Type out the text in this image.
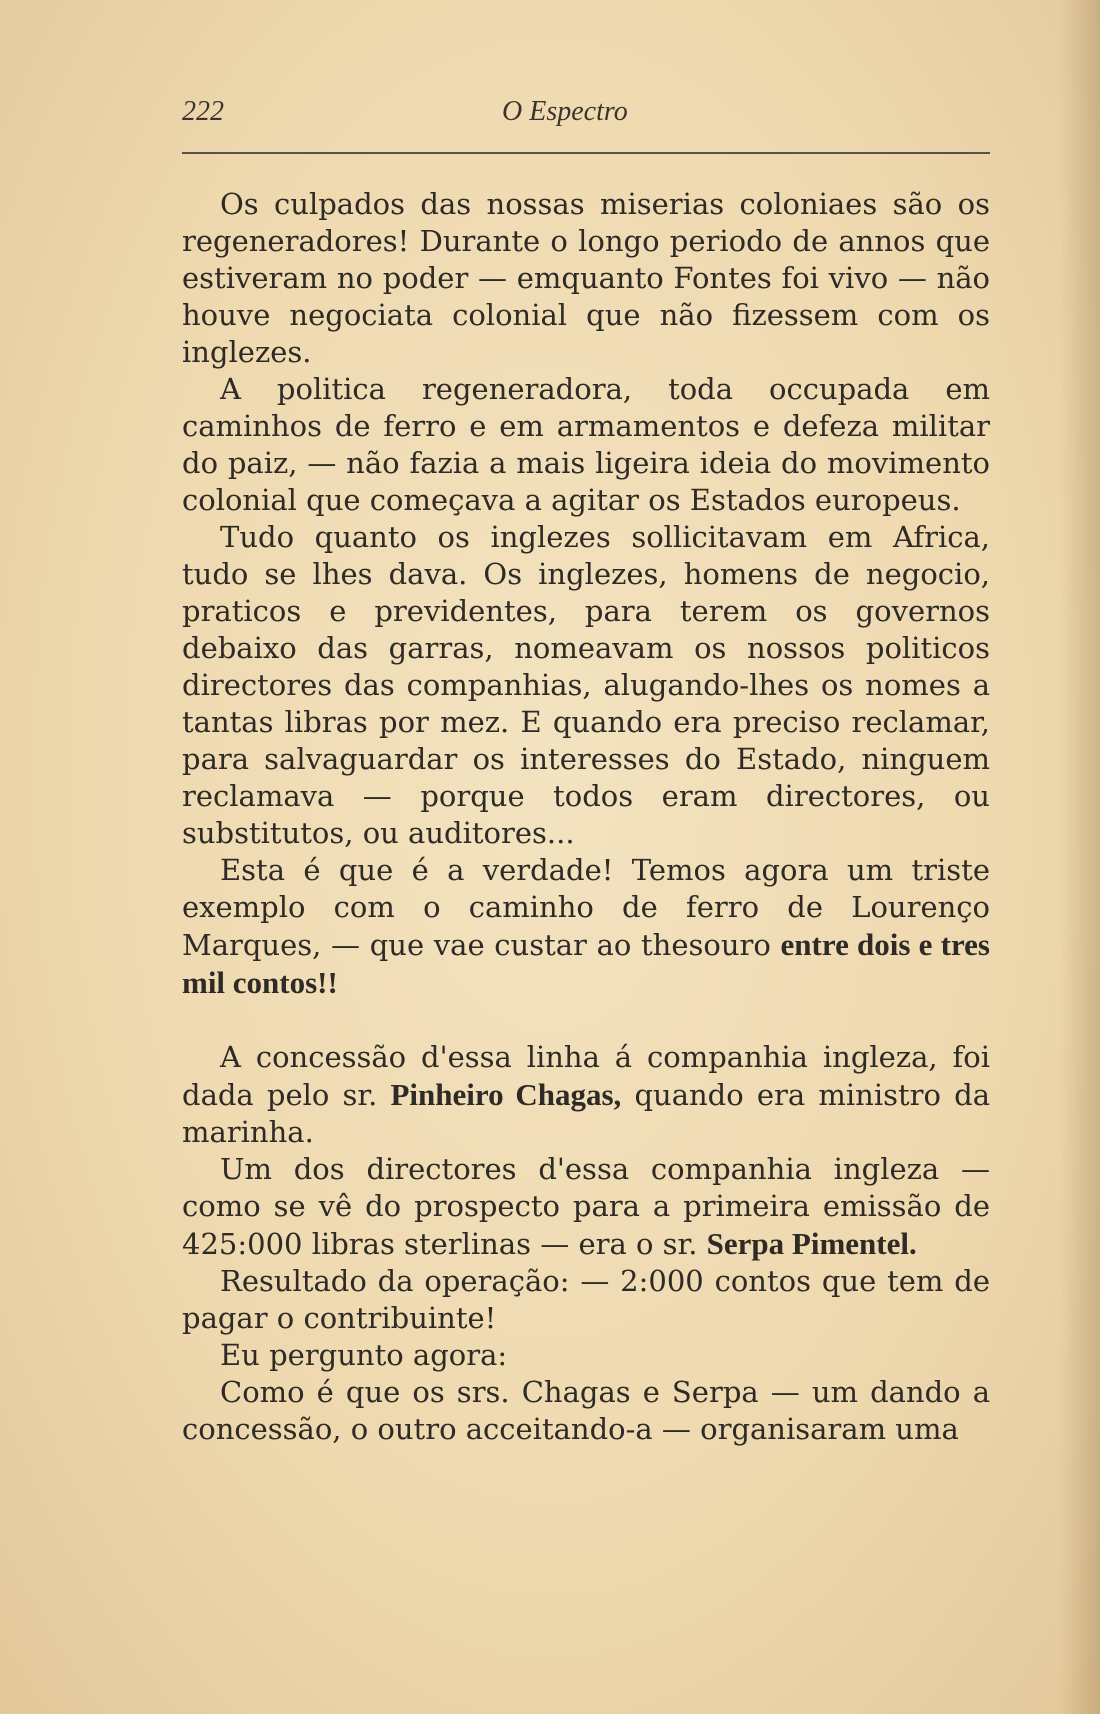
222	O Espectro

Os culpados das nossas miserias coloniaes são os regeneradores! Durante o longo periodo de annos que estiveram no poder — emquanto Fontes foi vivo — não houve negociata colonial que não fizessem com os inglezes.

A politica regeneradora, toda occupada em caminhos de ferro e em armamentos e defeza militar do paiz, — não fazia a mais ligeira ideia do movimento colonial que começava a agitar os Estados europeus.

Tudo quanto os inglezes sollicitavam em Africa, tudo se lhes dava. Os inglezes, homens de negocio, praticos e previdentes, para terem os governos debaixo das garras, nomeavam os nossos politicos directores das companhias, alugando-lhes os nomes a tantas libras por mez. E quando era preciso reclamar, para salvaguardar os interesses do Estado, ninguem reclamava — porque todos eram directores, ou substitutos, ou auditores...

Esta é que é a verdade! Temos agora um triste exemplo com o caminho de ferro de Lourenço Marques, — que vae custar ao thesouro entre dois e tres mil contos!!

A concessão d'essa linha á companhia ingleza, foi dada pelo sr. Pinheiro Chagas, quando era ministro da marinha.

Um dos directores d'essa companhia ingleza — como se vê do prospecto para a primeira emissão de 425:000 libras sterlinas — era o sr. Serpa Pimentel.

Resultado da operação: — 2:000 contos que tem de pagar o contribuinte!

Eu pergunto agora:

Como é que os srs. Chagas e Serpa — um dando a concessão, o outro acceitando-a — organisaram uma
